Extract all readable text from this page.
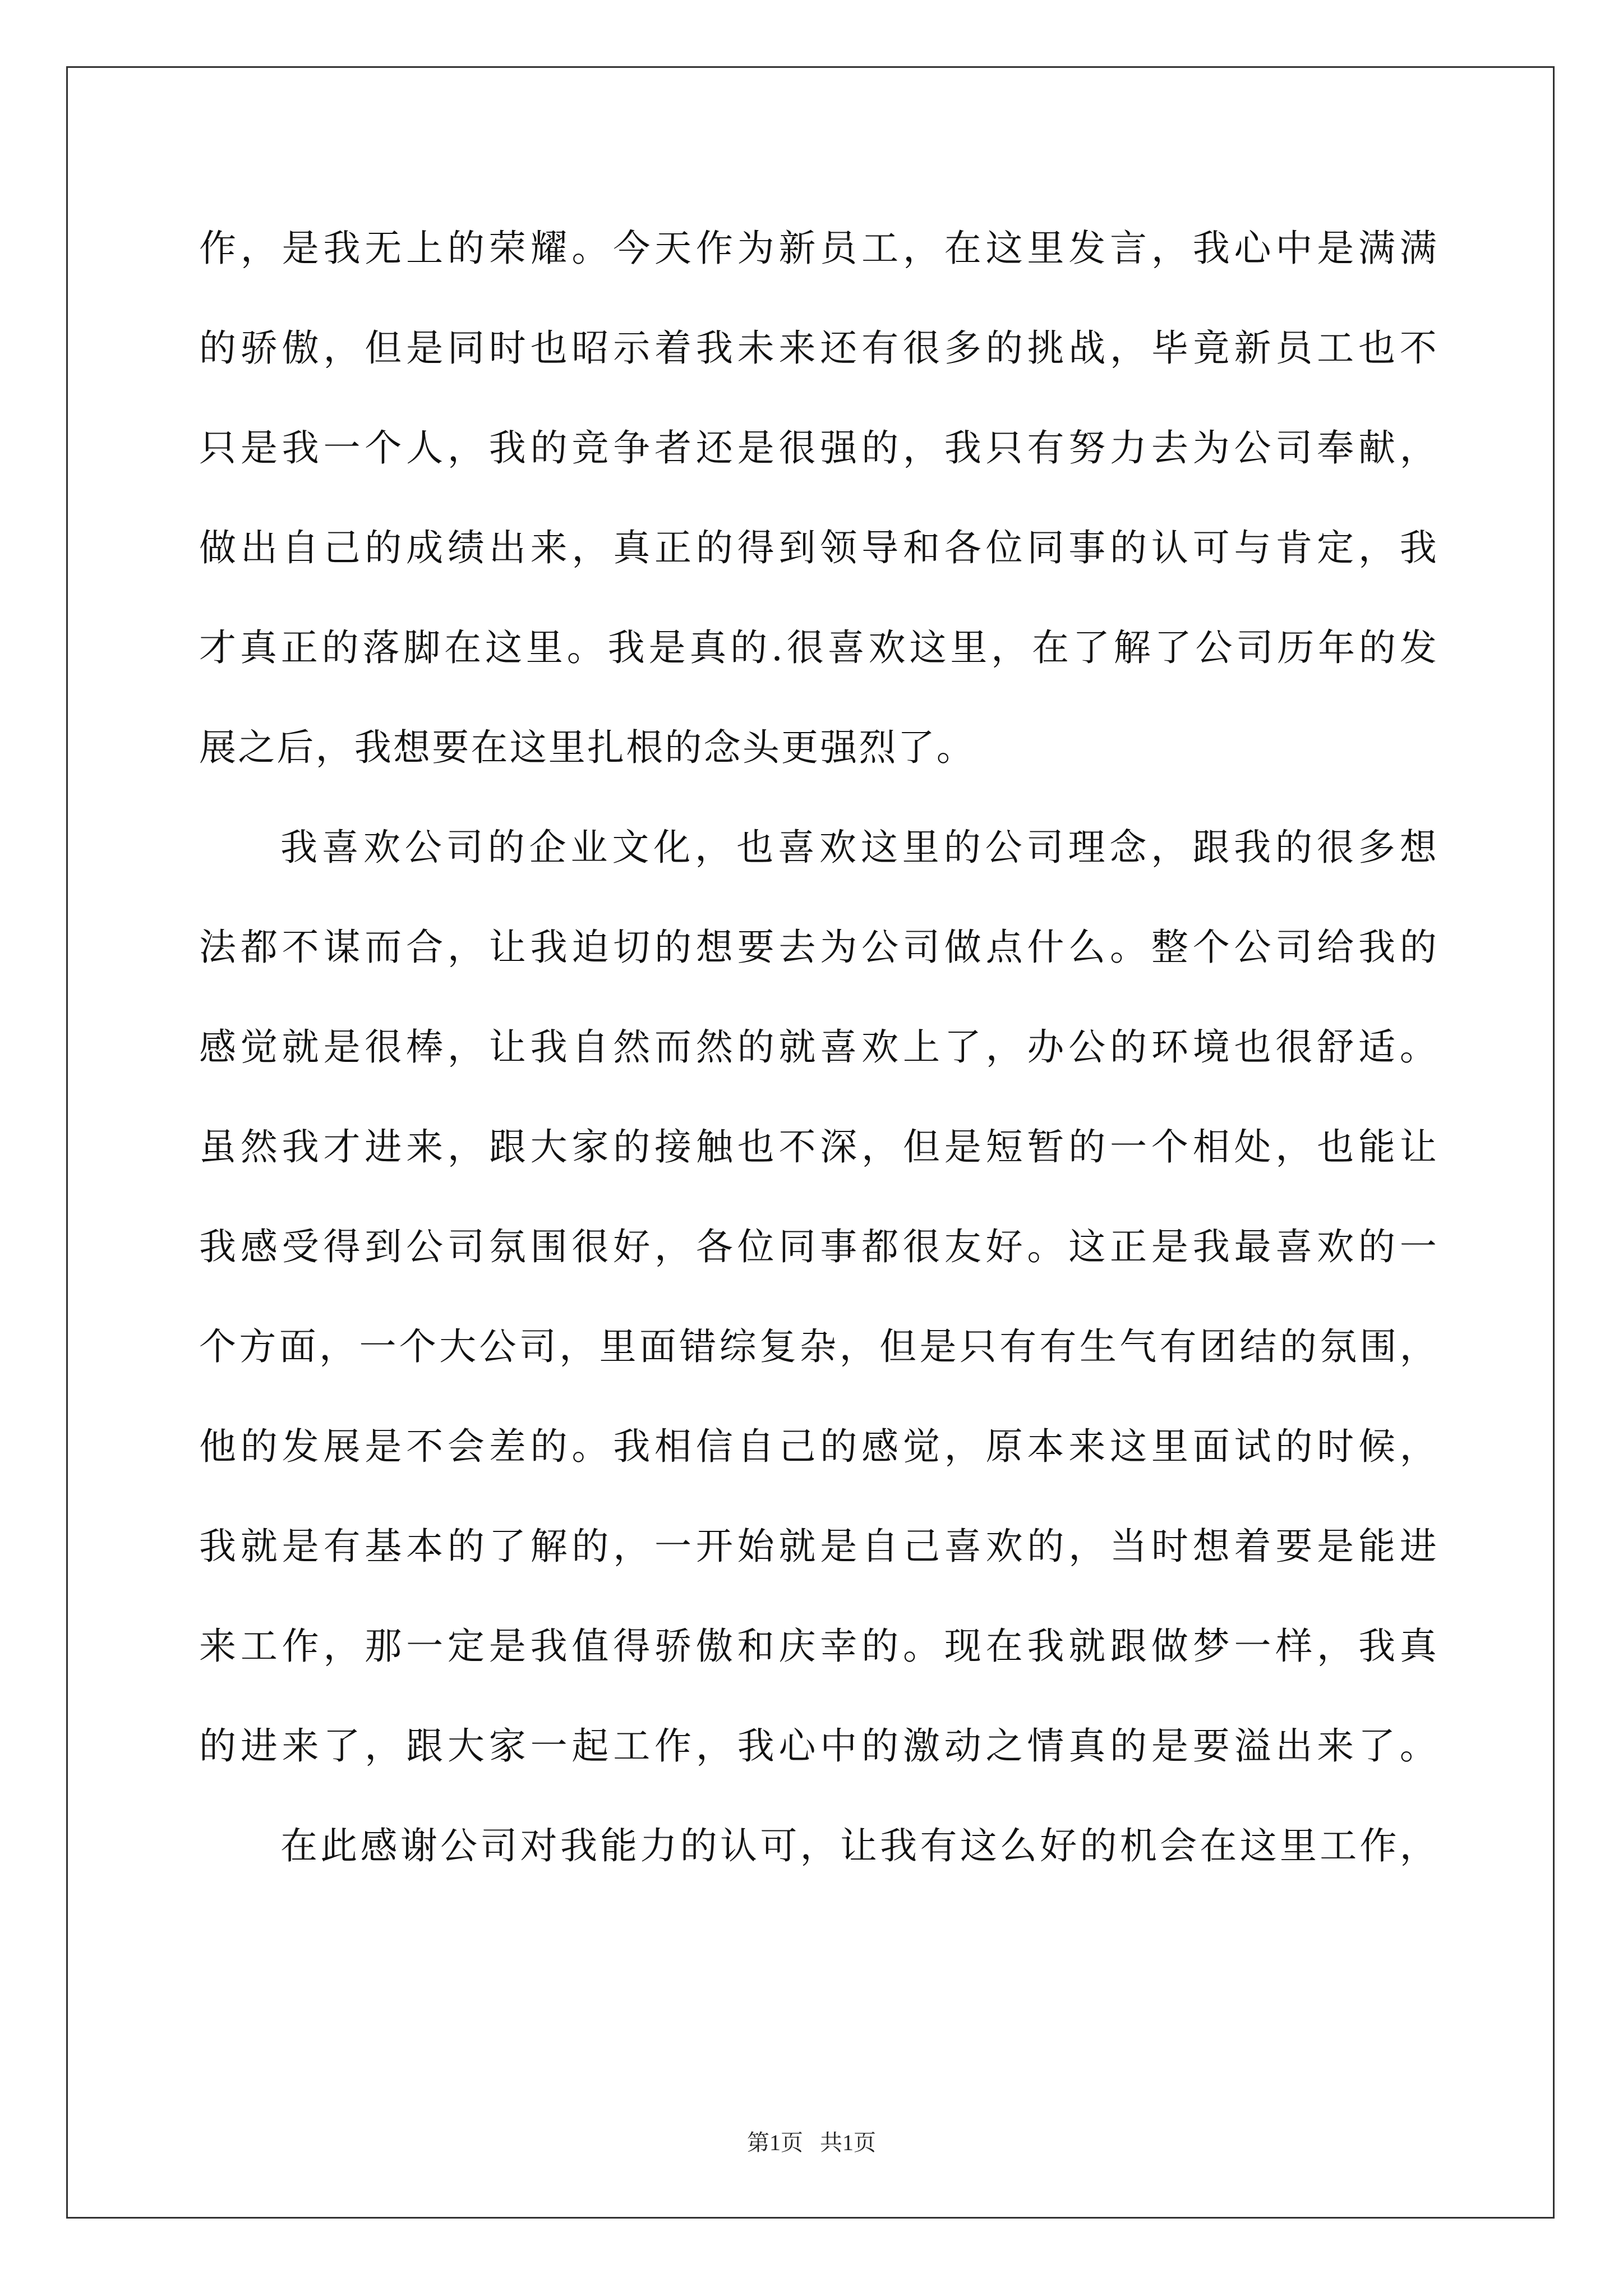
作，是我无上的荣耀。今天作为新员工，在这里发言，我心中是满满
的骄傲，但是同时也昭示着我未来还有很多的挑战，毕竟新员工也不
只是我一个人，我的竞争者还是很强的，我只有努力去为公司奉献，
做出自己的成绩出来，真正的得到领导和各位同事的认可与肯定，我
才真正的落脚在这里。我是真的.很喜欢这里，在了解了公司历年的发
展之后，我想要在这里扎根的念头更强烈了。
我喜欢公司的企业文化，也喜欢这里的公司理念，跟我的很多想
法都不谋而合，让我迫切的想要去为公司做点什么。整个公司给我的
感觉就是很棒，让我自然而然的就喜欢上了，办公的环境也很舒适。
虽然我才进来，跟大家的接触也不深，但是短暂的一个相处，也能让
我感受得到公司氛围很好，各位同事都很友好。这正是我最喜欢的一
个方面，一个大公司，里面错综复杂，但是只有有生气有团结的氛围，
他的发展是不会差的。我相信自己的感觉，原本来这里面试的时候，
我就是有基本的了解的，一开始就是自己喜欢的，当时想着要是能进
来工作，那一定是我值得骄傲和庆幸的。现在我就跟做梦一样，我真
的进来了，跟大家一起工作，我心中的激动之情真的是要溢出来了。
在此感谢公司对我能力的认可，让我有这么好的机会在这里工作，
第1页   共1页
